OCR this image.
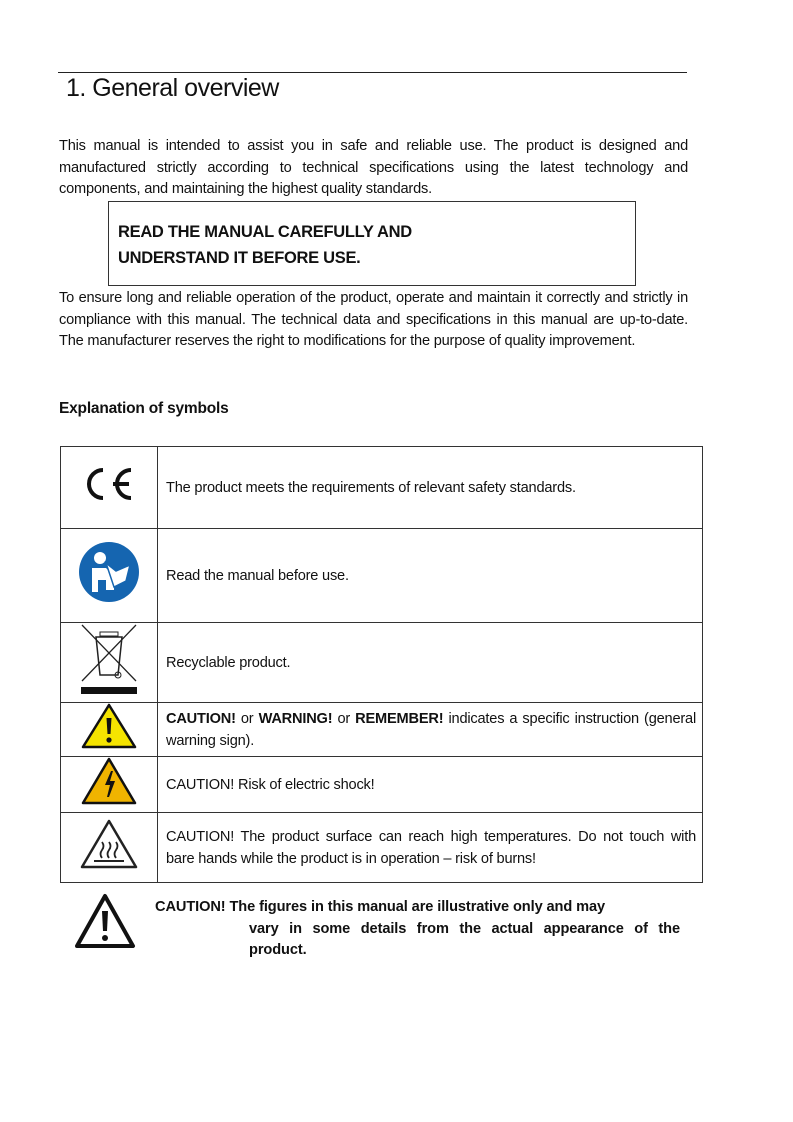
1. General overview

This manual is intended to assist you in safe and reliable use. The product is designed and manufactured strictly according to technical specifications using the latest technology and components, and maintaining the highest quality standards.

READ THE MANUAL CAREFULLY AND
UNDERSTAND IT BEFORE USE.

To ensure long and reliable operation of the product, operate and maintain it correctly and strictly in compliance with this manual. The technical data and specifications in this manual are up-to-date. The manufacturer reserves the right to modifications for the purpose of quality improvement.

Explanation of symbols
	The product meets the requirements of relevant safety standards.
	Read the manual before use.
	Recyclable product.
	CAUTION! or WARNING! or REMEMBER! indicates a specific instruction (general warning sign).
	CAUTION! Risk of electric shock!
	CAUTION! The product surface can reach high temperatures. Do not touch with bare hands while the product is in operation – risk of burns!
CAUTION! The figures in this manual are illustrative only and may
vary in some details from the actual appearance of the product.
